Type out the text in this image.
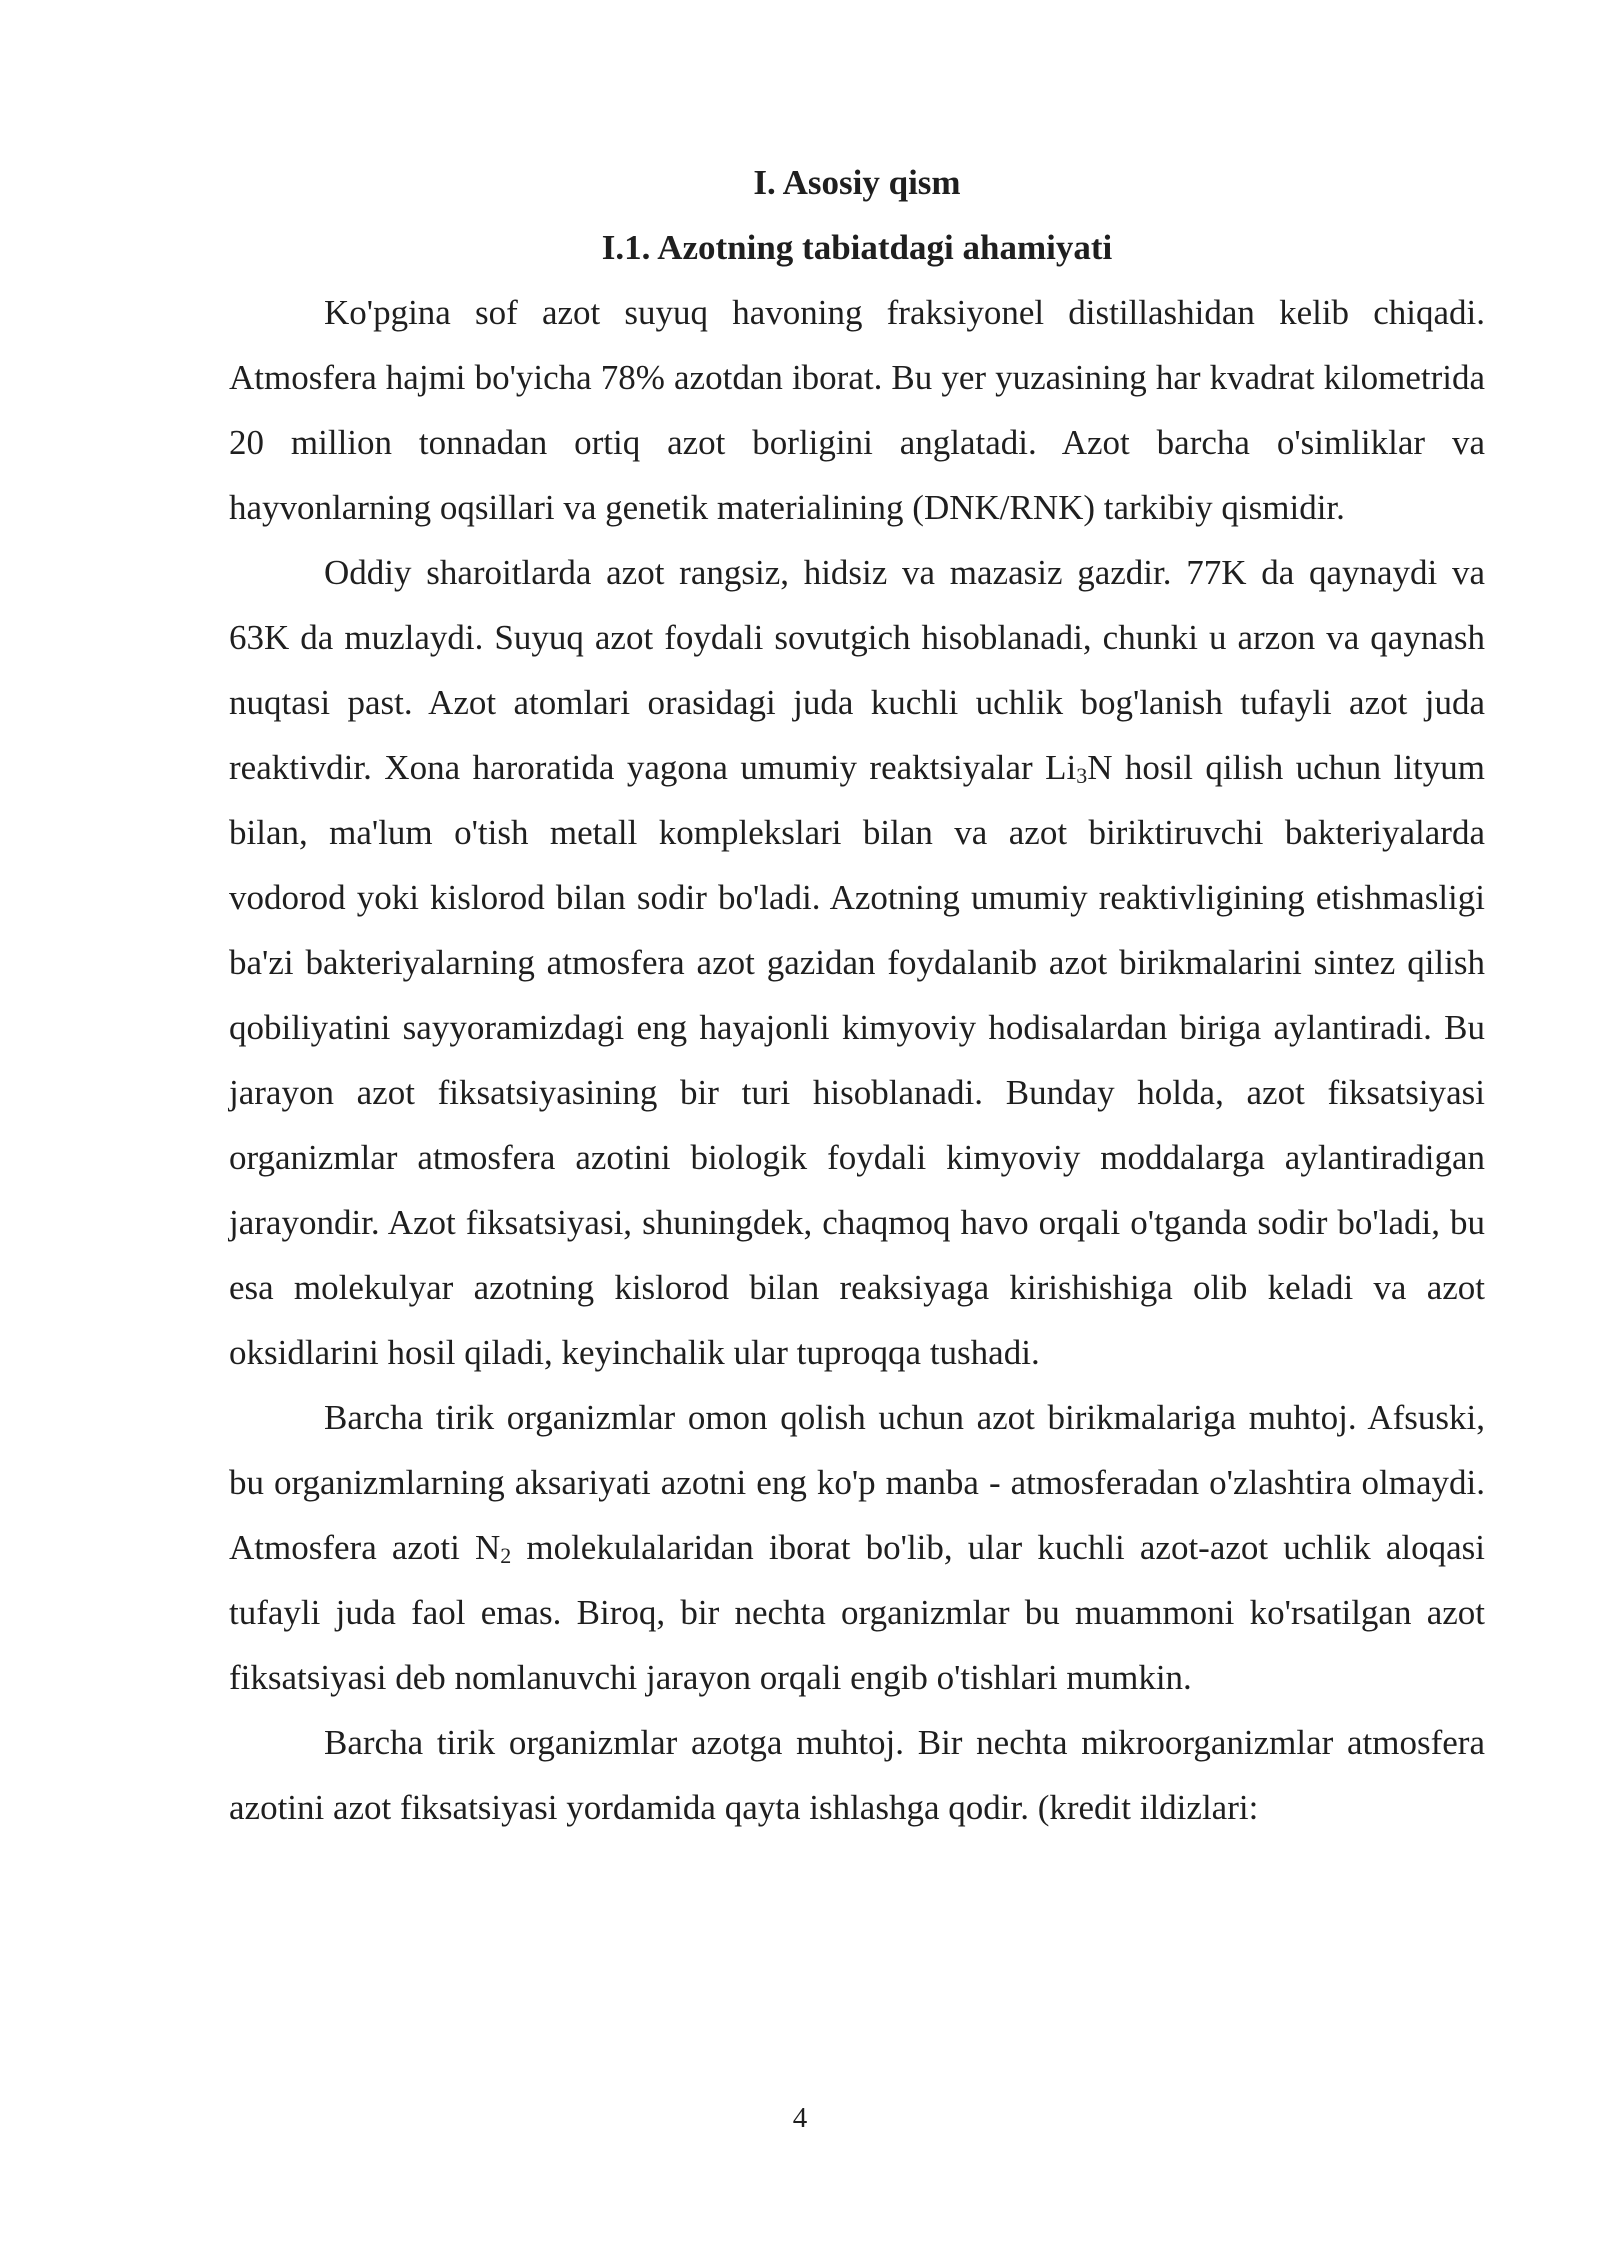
I. Asosiy qism
I.1. Azotning tabiatdagi ahamiyati

Ko'pgina sof azot suyuq havoning fraksiyonel distillashidan kelib chiqadi. Atmosfera hajmi bo'yicha 78% azotdan iborat. Bu yer yuzasining har kvadrat kilometrida 20 million tonnadan ortiq azot borligini anglatadi. Azot barcha o'simliklar va hayvonlarning oqsillari va genetik materialining (DNK/RNK) tarkibiy qismidir.

Oddiy sharoitlarda azot rangsiz, hidsiz va mazasiz gazdir. 77K da qaynaydi va 63K da muzlaydi. Suyuq azot foydali sovutgich hisoblanadi, chunki u arzon va qaynash nuqtasi past. Azot atomlari orasidagi juda kuchli uchlik bog'lanish tufayli azot juda reaktivdir. Xona haroratida yagona umumiy reaktsiyalar $Li_3N$ hosil qilish uchun lityum bilan, ma'lum o'tish metall komplekslari bilan va azot biriktiruvchi bakteriyalarda vodorod yoki kislorod bilan sodir bo'ladi. Azotning umumiy reaktivligining etishmasligi ba'zi bakteriyalarning atmosfera azot gazidan foydalanib azot birikmalarini sintez qilish qobiliyatini sayyoramizdagi eng hayajonli kimyoviy hodisalardan biriga aylantiradi. Bu jarayon azot fiksatsiyasining bir turi hisoblanadi. Bunday holda, azot fiksatsiyasi organizmlar atmosfera azotini biologik foydali kimyoviy moddalarga aylantiradigan jarayondir. Azot fiksatsiyasi, shuningdek, chaqmoq havo orqali o'tganda sodir bo'ladi, bu esa molekulyar azotning kislorod bilan reaksiyaga kirishishiga olib keladi va azot oksidlarini hosil qiladi, keyinchalik ular tuproqqa tushadi.

Barcha tirik organizmlar omon qolish uchun azot birikmalariga muhtoj. Afsuski, bu organizmlarning aksariyati azotni eng ko'p manba - atmosferadan o'zlashtira olmaydi. Atmosfera azoti $N_2$ molekulalaridan iborat bo'lib, ular kuchli azot-azot uchlik aloqasi tufayli juda faol emas. Biroq, bir nechta organizmlar bu muammoni ko'rsatilgan azot fiksatsiyasi deb nomlanuvchi jarayon orqali engib o'tishlari mumkin.

Barcha tirik organizmlar azotga muhtoj. Bir nechta mikroorganizmlar atmosfera azotini azot fiksatsiyasi yordamida qayta ishlashga qodir. (kredit ildizlari:

4
